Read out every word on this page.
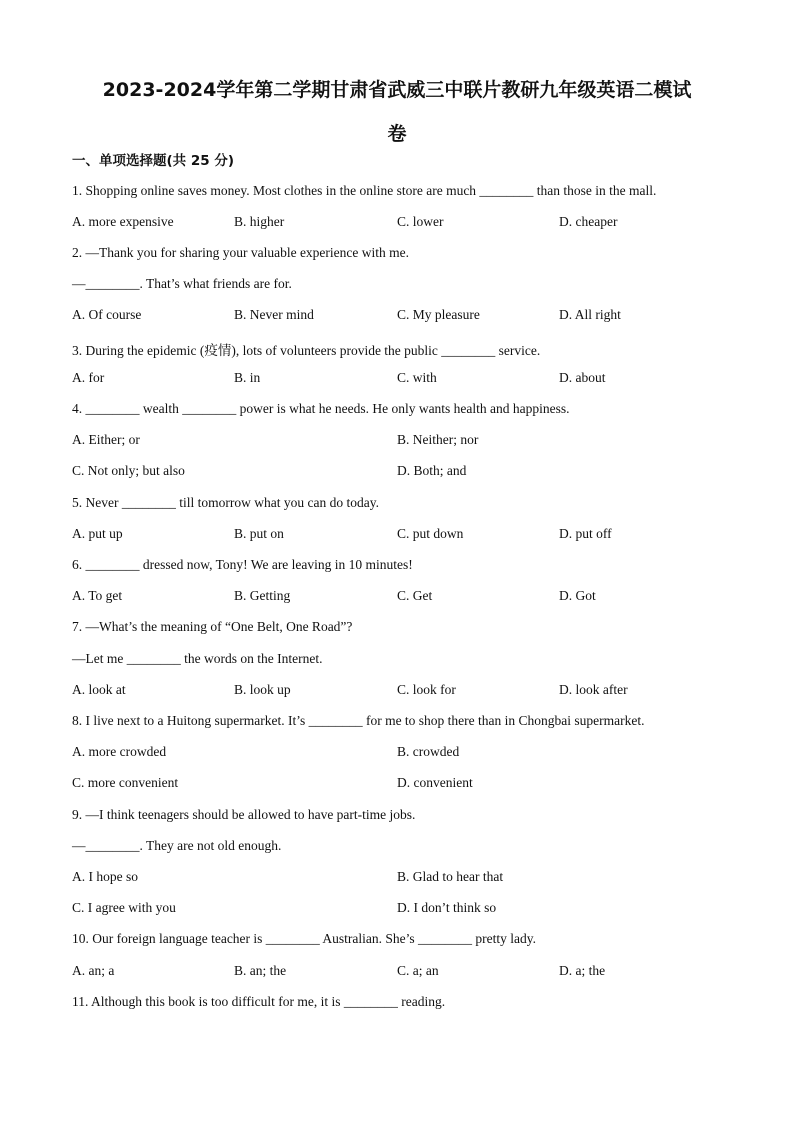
2023-2024学年第二学期甘肃省武威三中联片教研九年级英语二模试
卷
一、单项选择题(共 25 分)
1. Shopping online saves money. Most clothes in the online store are much ________ than those in the mall.
A. more expensive	B. higher	C. lower	D. cheaper
2. —Thank you for sharing your valuable experience with me.
—________. That’s what friends are for.
A. Of course	B. Never mind	C. My pleasure	D. All right
3. During the epidemic (疫情), lots of volunteers provide the public ________ service.
A. for	B. in	C. with	D. about
4. ________ wealth ________ power is what he needs. He only wants health and happiness.
A. Either; or	B. Neither; nor
C. Not only; but also	D. Both; and
5. Never ________ till tomorrow what you can do today.
A. put up	B. put on	C. put down	D. put off
6. ________ dressed now, Tony! We are leaving in 10 minutes!
A. To get	B. Getting	C. Get	D. Got
7. —What’s the meaning of “One Belt, One Road”?
—Let me ________ the words on the Internet.
A. look at	B. look up	C. look for	D. look after
8. I live next to a Huitong supermarket. It’s ________ for me to shop there than in Chongbai supermarket.
A. more crowded	B. crowded
C. more convenient	D. convenient
9. —I think teenagers should be allowed to have part-time jobs.
—________. They are not old enough.
A. I hope so	B. Glad to hear that
C. I agree with you	D. I don’t think so
10. Our foreign language teacher is ________ Australian. She’s ________ pretty lady.
A. an; a	B. an; the	C. a; an	D. a; the
11. Although this book is too difficult for me, it is ________ reading.
